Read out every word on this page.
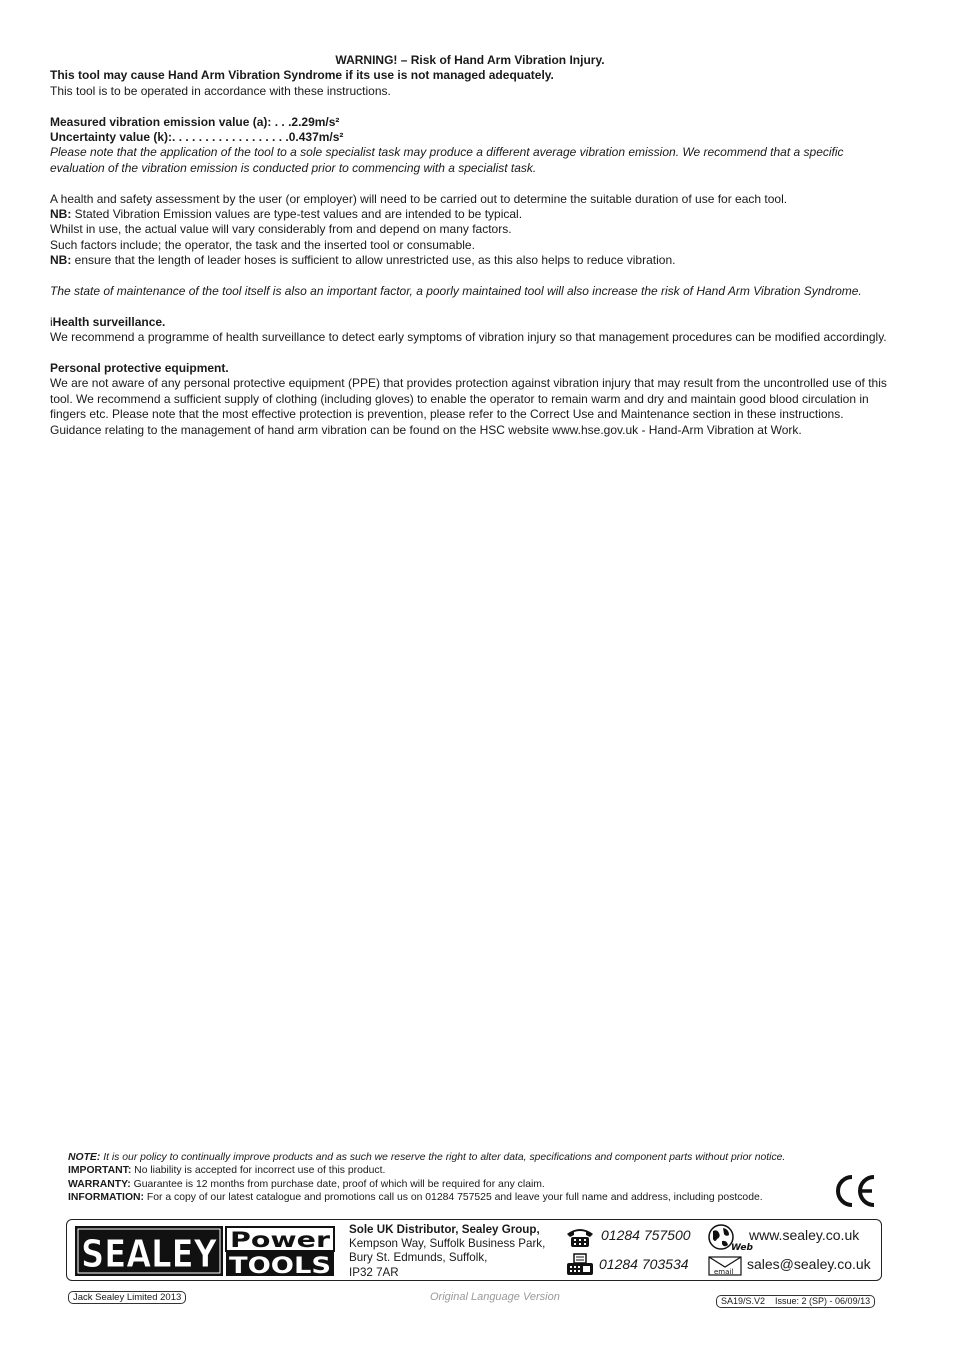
WARNING! – Risk of Hand Arm Vibration Injury.

This tool may cause Hand Arm Vibration Syndrome if its use is not managed adequately.

This tool is to be operated in accordance with these instructions.

Measured vibration emission value (a): . . .2.29m/s²

Uncertainty value (k):. . . . . . . . . . . . . . . . . .0.437m/s²

Please note that the application of the tool to a sole specialist task may produce a different average vibration emission. We recommend that a specific evaluation of the vibration emission is conducted prior to commencing with a specialist task.

A health and safety assessment by the user (or employer) will need to be carried out to determine the suitable duration of use for each tool.

NB: Stated Vibration Emission values are type-test values and are intended to be typical.

Whilst in use, the actual value will vary considerably from and depend on many factors.

Such factors include; the operator, the task and the inserted tool or consumable.

NB: ensure that the length of leader hoses is sufficient to allow unrestricted use, as this also helps to reduce vibration.

The state of maintenance of the tool itself is also an important factor, a poorly maintained tool will also increase the risk of Hand Arm Vibration Syndrome.

iHealth surveillance.

We recommend a programme of health surveillance to detect early symptoms of vibration injury so that management procedures can be modified accordingly.

Personal protective equipment.

We are not aware of any personal protective equipment (PPE) that provides protection against vibration injury that may result from the uncontrolled use of this tool. We recommend a sufficient supply of clothing (including gloves) to enable the operator to remain warm and dry and maintain good blood circulation in fingers etc. Please note that the most effective protection is prevention, please refer to the Correct Use and Maintenance section in these instructions.

Guidance relating to the management of hand arm vibration can be found on the HSC website www.hse.gov.uk - Hand-Arm Vibration at Work.

NOTE: It is our policy to continually improve products and as such we reserve the right to alter data, specifications and component parts without prior notice.

IMPORTANT: No liability is accepted for incorrect use of this product.

WARRANTY: Guarantee is 12 months from purchase date, proof of which will be required for any claim.

INFORMATION: For a copy of our latest catalogue and promotions call us on 01284 757525 and leave your full name and address, including postcode.

SEALEY Power
TOOLS

Sole UK Distributor, Sealey Group,

Kempson Way, Suffolk Business Park,

Bury St. Edmunds, Suffolk,

IP32 7AR

01284 757500
01284 703534
Web
www.sealey.co.uk
email sales@sealey.co.uk
Jack Sealey Limited 2013	Original Language Version	SA19/S.V2    Issue: 2 (SP) - 06/09/13
